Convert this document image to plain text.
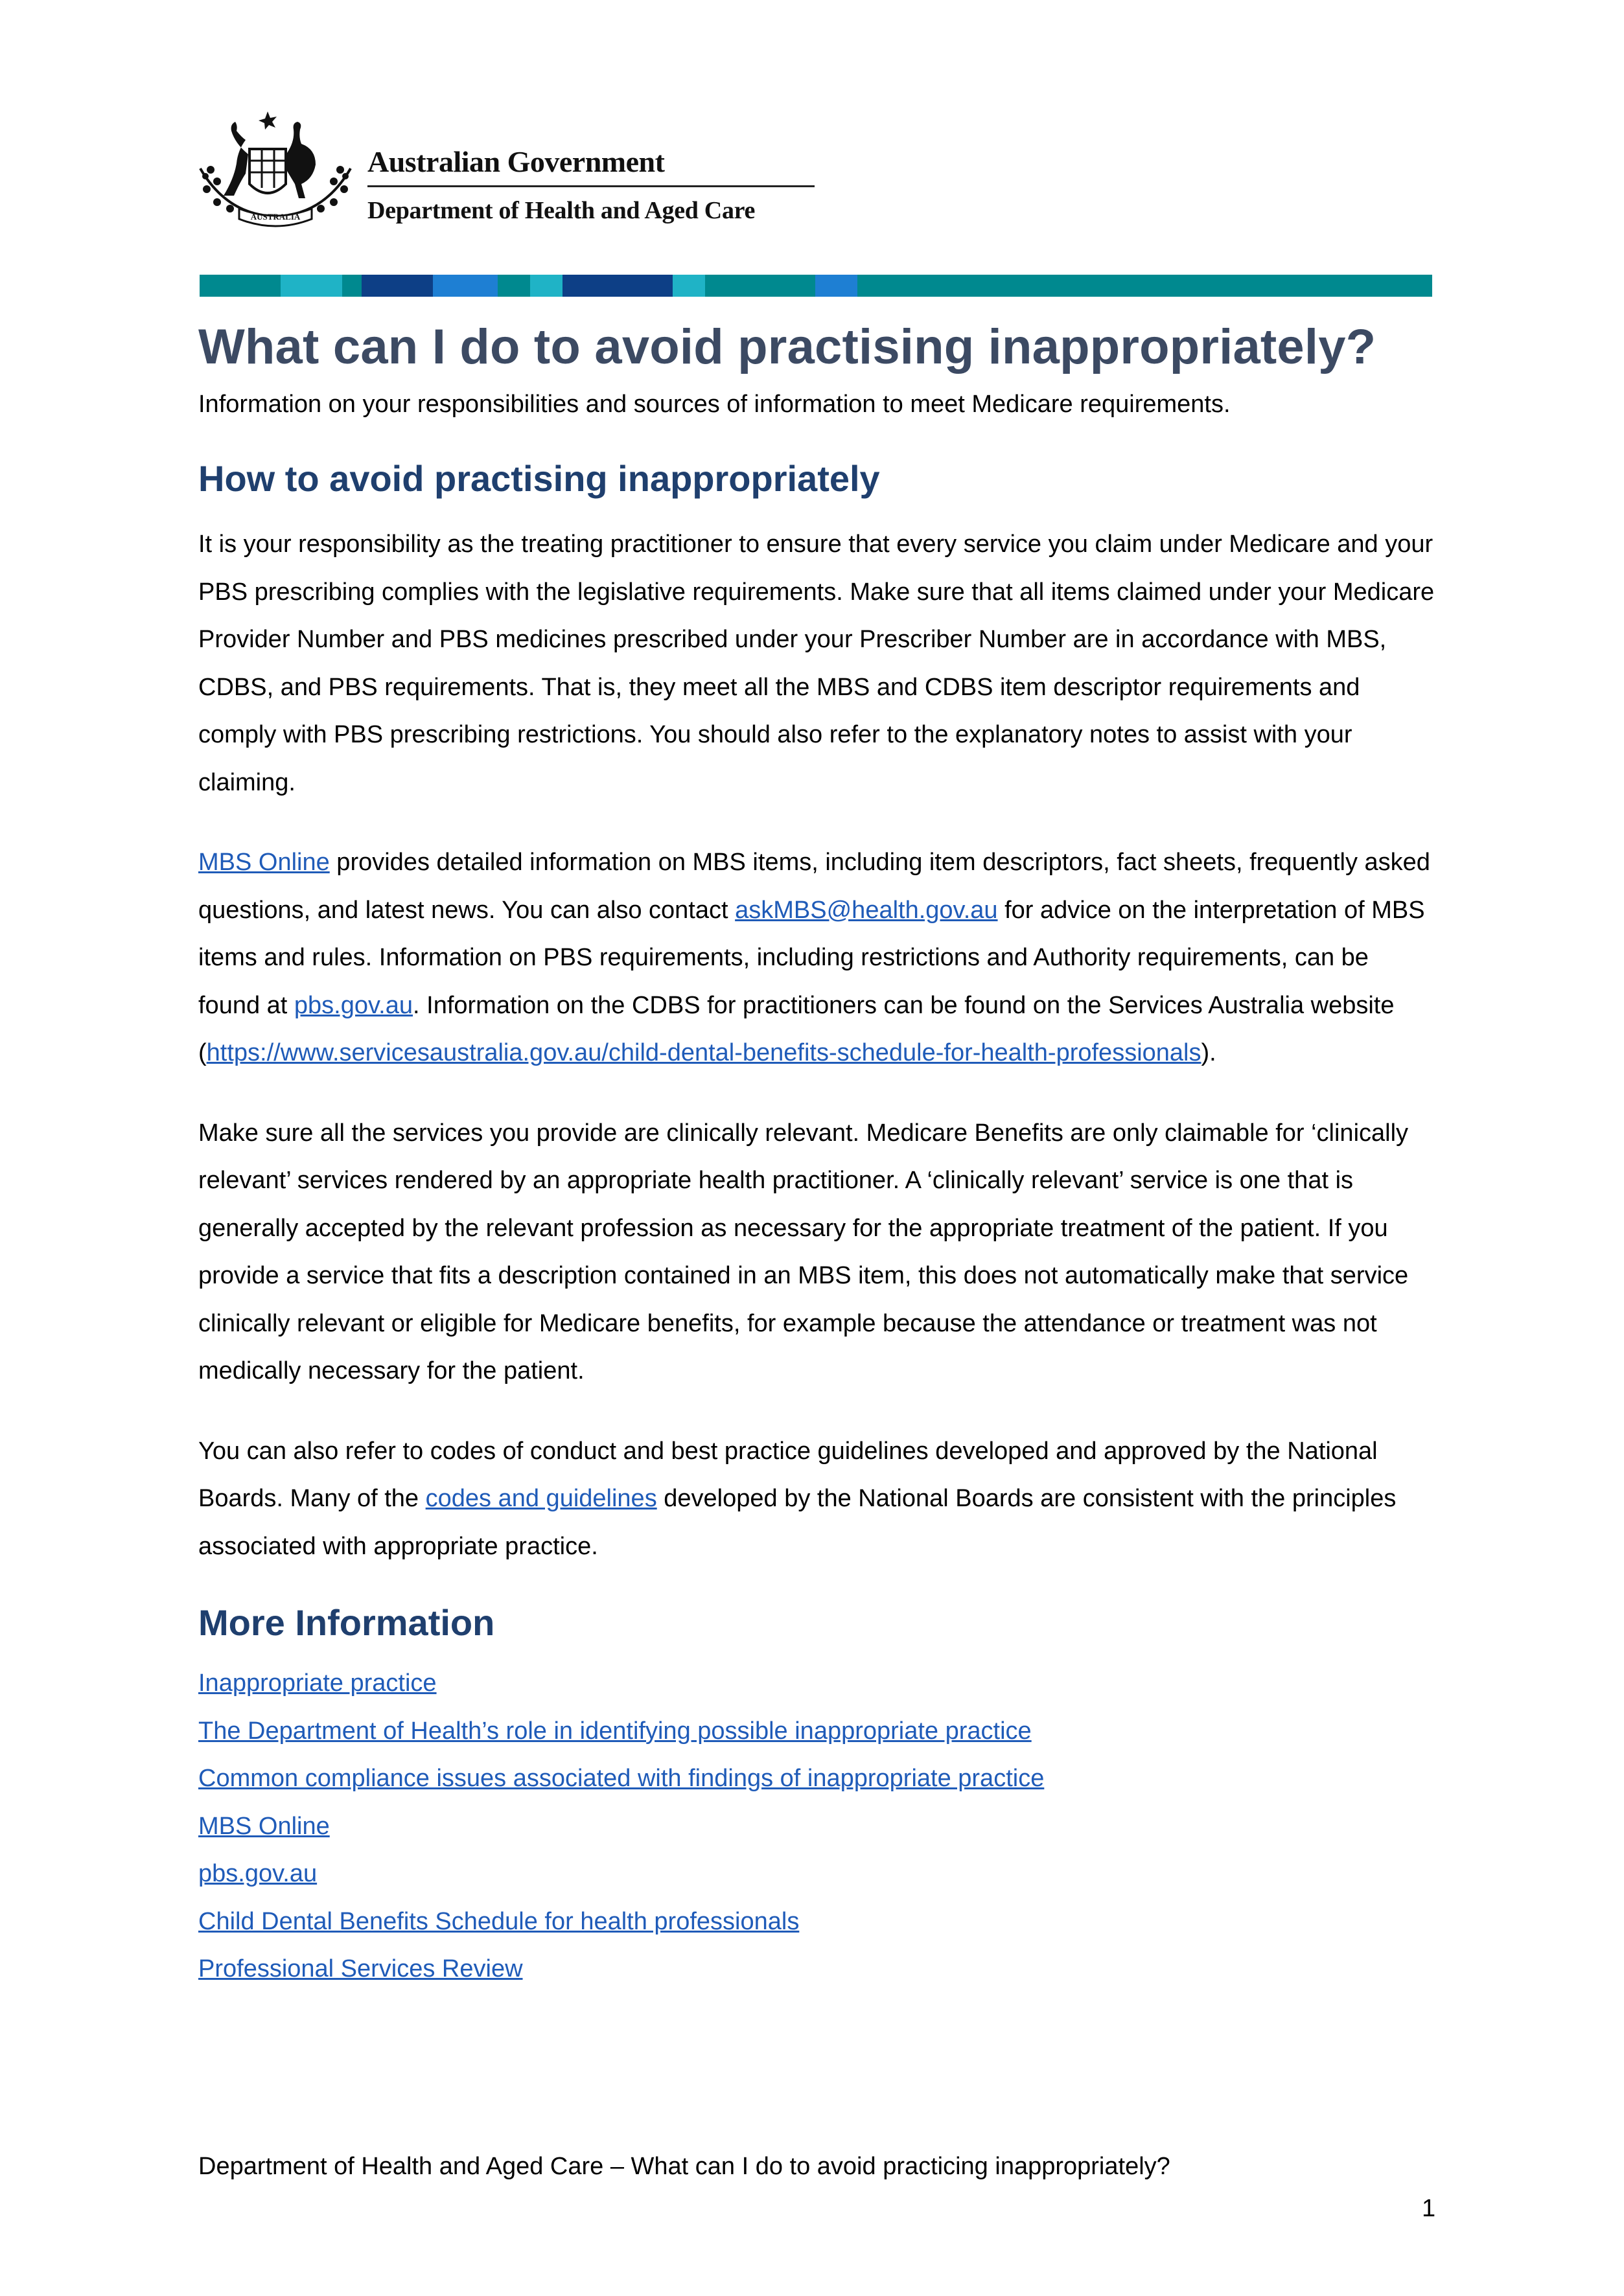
AUSTRALIA
Australian Government
Department of Health and Aged Care
What can I do to avoid practising inappropriately?
Information on your responsibilities and sources of information to meet Medicare requirements.
How to avoid practising inappropriately

It is your responsibility as the treating practitioner to ensure that every service you claim under Medicare and your PBS prescribing complies with the legislative requirements. Make sure that all items claimed under your Medicare Provider Number and PBS medicines prescribed under your Prescriber Number are in accordance with MBS, CDBS, and PBS requirements. That is, they meet all the MBS and CDBS item descriptor requirements and comply with PBS prescribing restrictions. You should also refer to the explanatory notes to assist with your claiming.

MBS Online provides detailed information on MBS items, including item descriptors, fact sheets, frequently asked questions, and latest news. You can also contact askMBS@health.gov.au for advice on the interpretation of MBS items and rules. Information on PBS requirements, including restrictions and Authority requirements, can be found at pbs.gov.au. Information on the CDBS for practitioners can be found on the Services Australia website (https://www.servicesaustralia.gov.au/child-dental-benefits-schedule-for-health-professionals).

Make sure all the services you provide are clinically relevant. Medicare Benefits are only claimable for ‘clinically relevant’ services rendered by an appropriate health practitioner. A ‘clinically relevant’ service is one that is generally accepted by the relevant profession as necessary for the appropriate treatment of the patient. If you provide a service that fits a description contained in an MBS item, this does not automatically make that service clinically relevant or eligible for Medicare benefits, for example because the attendance or treatment was not medically necessary for the patient.

You can also refer to codes of conduct and best practice guidelines developed and approved by the National Boards. Many of the codes and guidelines developed by the National Boards are consistent with the principles associated with appropriate practice.

More Information
Inappropriate practice
The Department of Health’s role in identifying possible inappropriate practice
Common compliance issues associated with findings of inappropriate practice
MBS Online
pbs.gov.au
Child Dental Benefits Schedule for health professionals
Professional Services Review
Department of Health and Aged Care – What can I do to avoid practicing inappropriately?
1
